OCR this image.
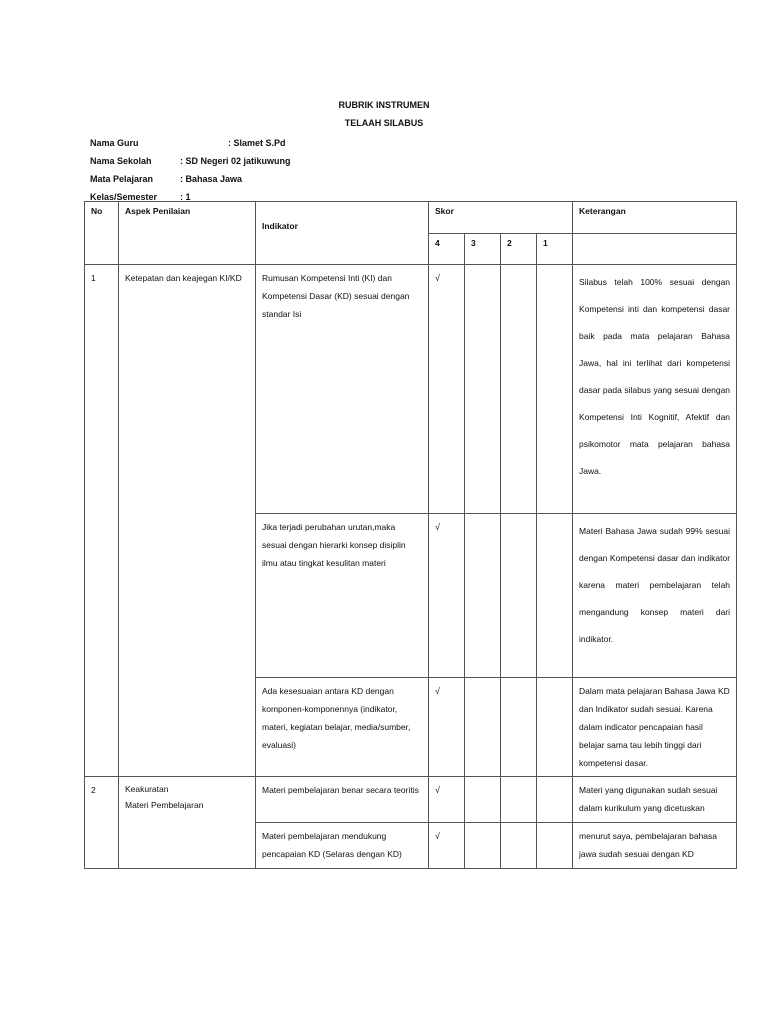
RUBRIK INSTRUMEN
TELAAH SILABUS
Nama Guru	: Slamet S.Pd
Nama Sekolah	: SD Negeri 02 jatikuwung
Mata Pelajaran	: Bahasa Jawa
Kelas/Semester	: 1
No	Aspek Penilaian	Indikator	Skor				Keterangan
			4	3	2	1	
1	Ketepatan dan keajegan KI/KD	Rumusan Kompetensi Inti (KI) dan Kompetensi Dasar (KD) sesuai dengan standar Isi	√				Silabus telah 100% sesuai dengan Kompetensi inti dan kompetensi dasar baik pada mata pelajaran Bahasa Jawa, hal ini terlihat dari kompetensi dasar pada silabus yang sesuai dengan Kompetensi Inti Kognitif, Afektif dan psikomotor mata pelajaran bahasa Jawa.
		Jika terjadi perubahan urutan,maka sesuai dengan hierarki konsep disiplin ilmu atau tingkat kesulitan materi	√				Materi Bahasa Jawa sudah 99% sesuai dengan Kompetensi dasar dan indikator karena materi pembelajaran telah mengandung konsep materi dari indikator.
		Ada kesesuaian antara KD dengan komponen-komponennya (indikator, materi, kegiatan belajar, media/sumber, evaluasi)	√				Dalam mata pelajaran Bahasa Jawa KD dan Indikator sudah sesuai. Karena dalam indicator pencapaian hasil belajar sama tau lebih tinggi dari kompetensi dasar.
2	Keakuratan
Materi Pembelajaran	Materi pembelajaran benar secara teoritis	√				Materi yang digunakan sudah sesuai dalam kurikulum yang dicetuskan
		Materi pembelajaran mendukung pencapaian KD (Selaras dengan KD)	√				menurut saya, pembelajaran bahasa jawa sudah sesuai dengan KD
